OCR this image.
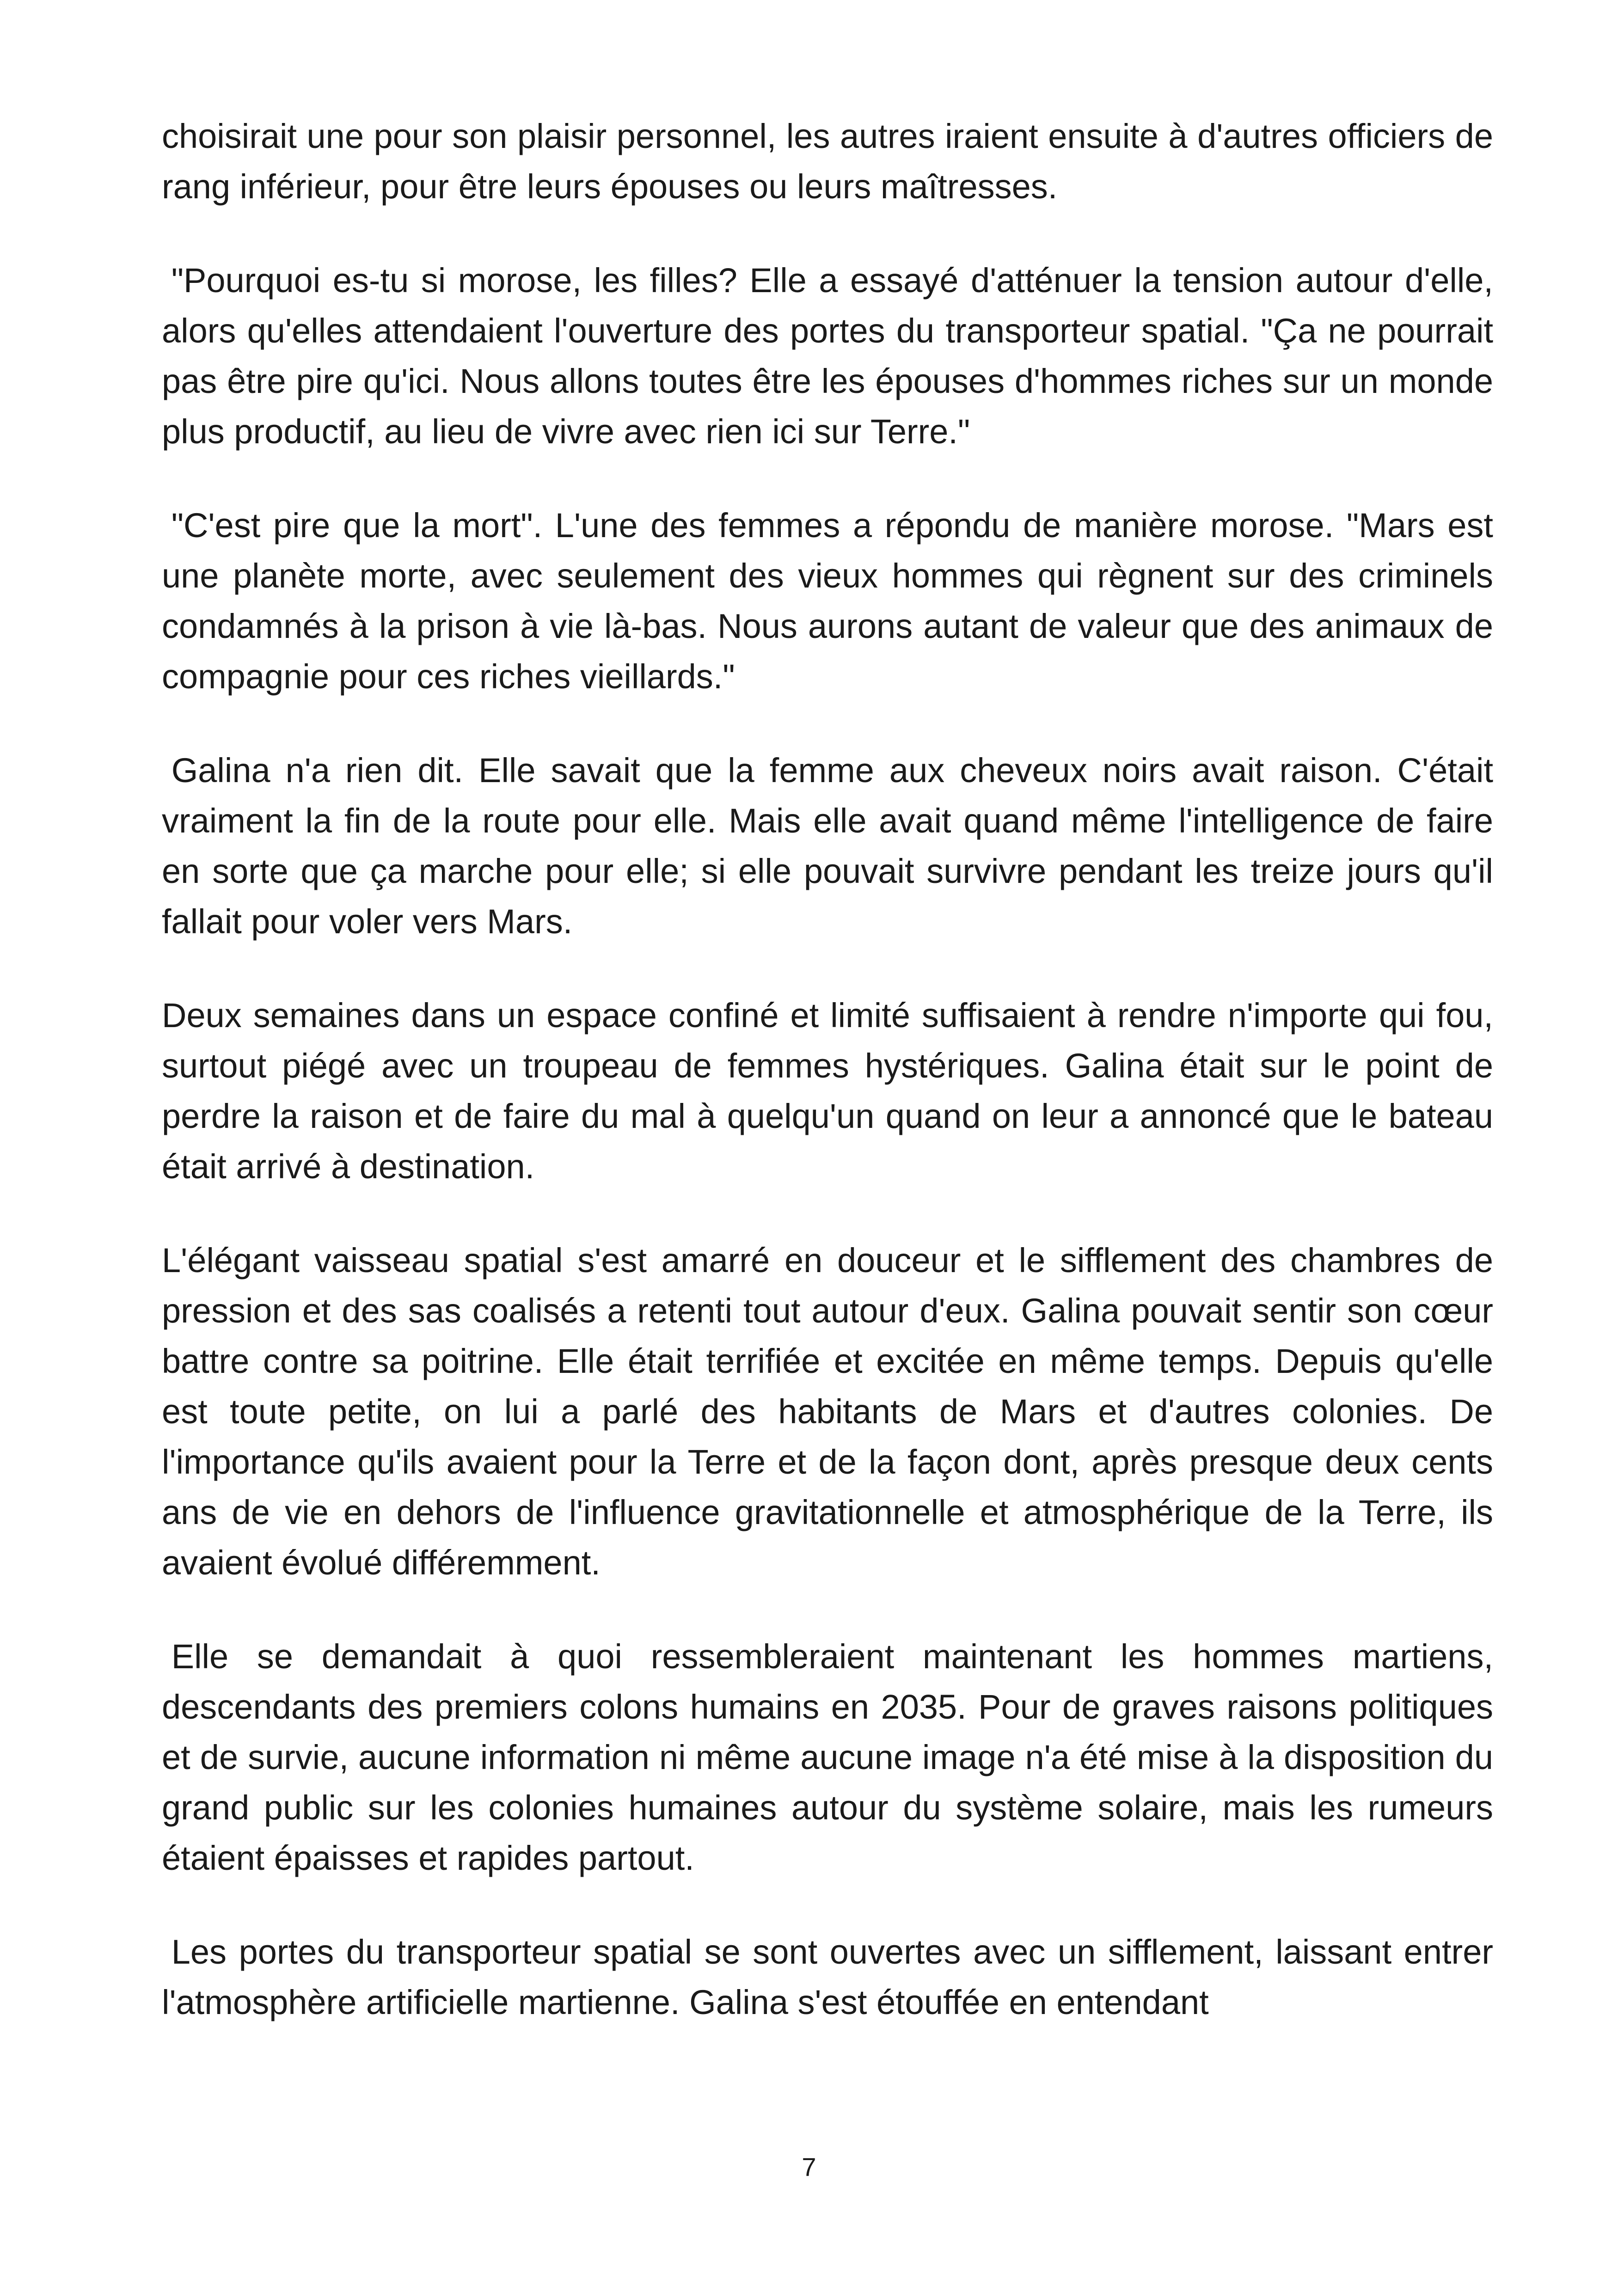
choisirait une pour son plaisir personnel, les autres iraient ensuite à d'autres officiers de rang inférieur, pour être leurs épouses ou leurs maîtresses.

"Pourquoi es-tu si morose, les filles? Elle a essayé d'atténuer la tension autour d'elle, alors qu'elles attendaient l'ouverture des portes du transporteur spatial. "Ça ne pourrait pas être pire qu'ici. Nous allons toutes être les épouses d'hommes riches sur un monde plus productif, au lieu de vivre avec rien ici sur Terre."

"C'est pire que la mort". L'une des femmes a répondu de manière morose. "Mars est une planète morte, avec seulement des vieux hommes qui règnent sur des criminels condamnés à la prison à vie là-bas. Nous aurons autant de valeur que des animaux de compagnie pour ces riches vieillards."

Galina n'a rien dit. Elle savait que la femme aux cheveux noirs avait raison. C'était vraiment la fin de la route pour elle. Mais elle avait quand même l'intelligence de faire en sorte que ça marche pour elle; si elle pouvait survivre pendant les treize jours qu'il fallait pour voler vers Mars.

Deux semaines dans un espace confiné et limité suffisaient à rendre n'importe qui fou, surtout piégé avec un troupeau de femmes hystériques. Galina était sur le point de perdre la raison et de faire du mal à quelqu'un quand on leur a annoncé que le bateau était arrivé à destination.

L'élégant vaisseau spatial s'est amarré en douceur et le sifflement des chambres de pression et des sas coalisés a retenti tout autour d'eux. Galina pouvait sentir son cœur battre contre sa poitrine. Elle était terrifiée et excitée en même temps. Depuis qu'elle est toute petite, on lui a parlé des habitants de Mars et d'autres colonies. De l'importance qu'ils avaient pour la Terre et de la façon dont, après presque deux cents ans de vie en dehors de l'influence gravitationnelle et atmosphérique de la Terre, ils avaient évolué différemment.

Elle se demandait à quoi ressembleraient maintenant les hommes martiens, descendants des premiers colons humains en 2035. Pour de graves raisons politiques et de survie, aucune information ni même aucune image n'a été mise à la disposition du grand public sur les colonies humaines autour du système solaire, mais les rumeurs étaient épaisses et rapides partout.

Les portes du transporteur spatial se sont ouvertes avec un sifflement, laissant entrer l'atmosphère artificielle martienne. Galina s'est étouffée en entendant

7
